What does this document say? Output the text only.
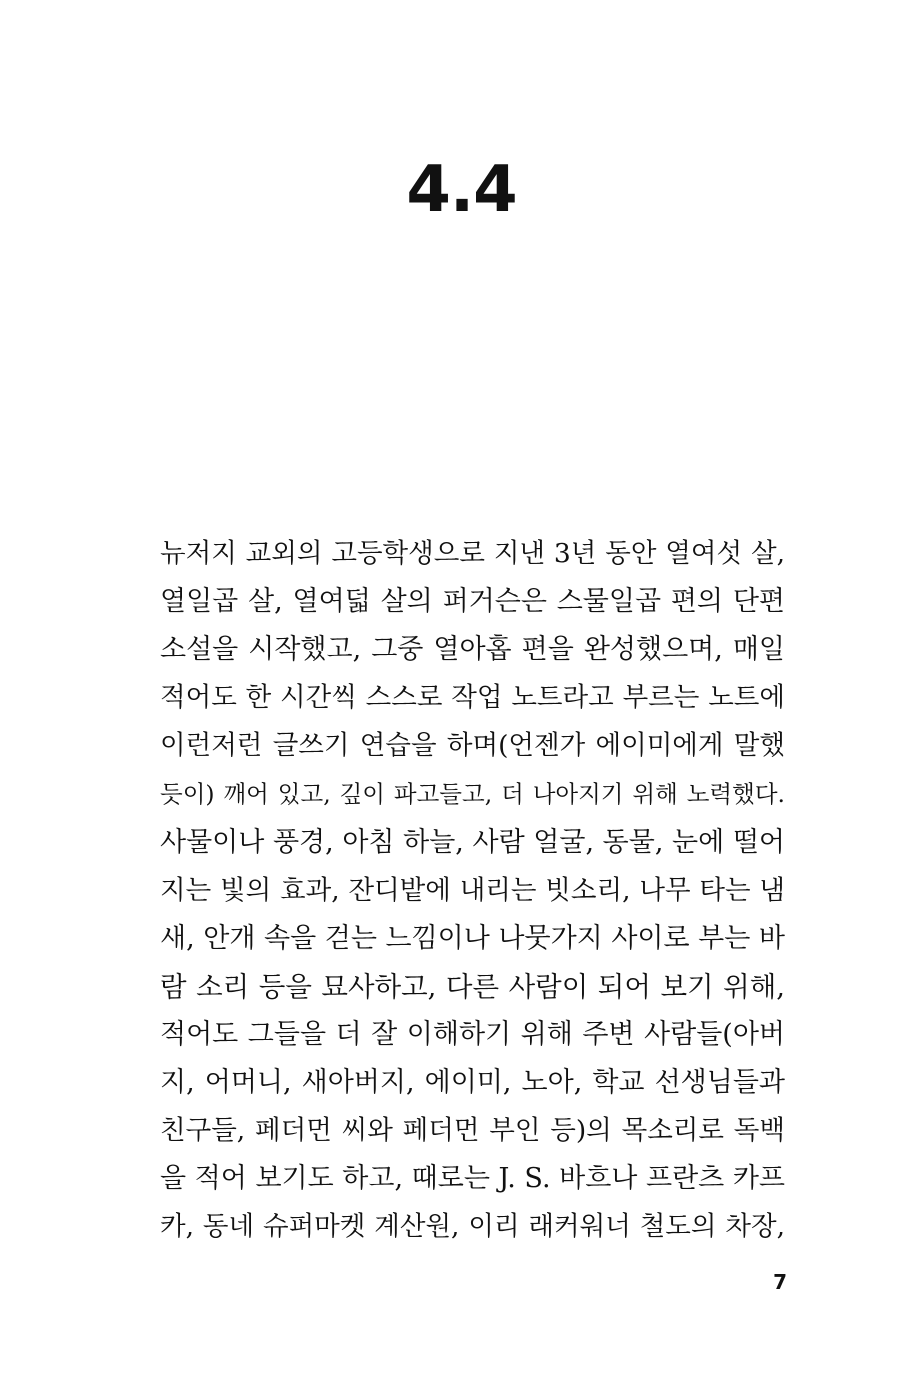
4.4
뉴저지 교외의 고등학생으로 지낸 3년 동안 열여섯 살,
열일곱 살, 열여덟 살의 퍼거슨은 스물일곱 편의 단편
소설을 시작했고, 그중 열아홉 편을 완성했으며, 매일
적어도 한 시간씩 스스로 작업 노트라고 부르는 노트에
이런저런 글쓰기 연습을 하며(언젠가 에이미에게 말했
듯이) 깨어 있고, 깊이 파고들고, 더 나아지기 위해 노력했다.
사물이나 풍경, 아침 하늘, 사람 얼굴, 동물, 눈에 떨어
지는 빛의 효과, 잔디밭에 내리는 빗소리, 나무 타는 냄
새, 안개 속을 걷는 느낌이나 나뭇가지 사이로 부는 바
람 소리 등을 묘사하고, 다른 사람이 되어 보기 위해,
적어도 그들을 더 잘 이해하기 위해 주변 사람들(아버
지, 어머니, 새아버지, 에이미, 노아, 학교 선생님들과
친구들, 페더먼 씨와 페더먼 부인 등)의 목소리로 독백
을 적어 보기도 하고, 때로는 J. S. 바흐나 프란츠 카프
카, 동네 슈퍼마켓 계산원, 이리 래커워너 철도의 차장,
7
